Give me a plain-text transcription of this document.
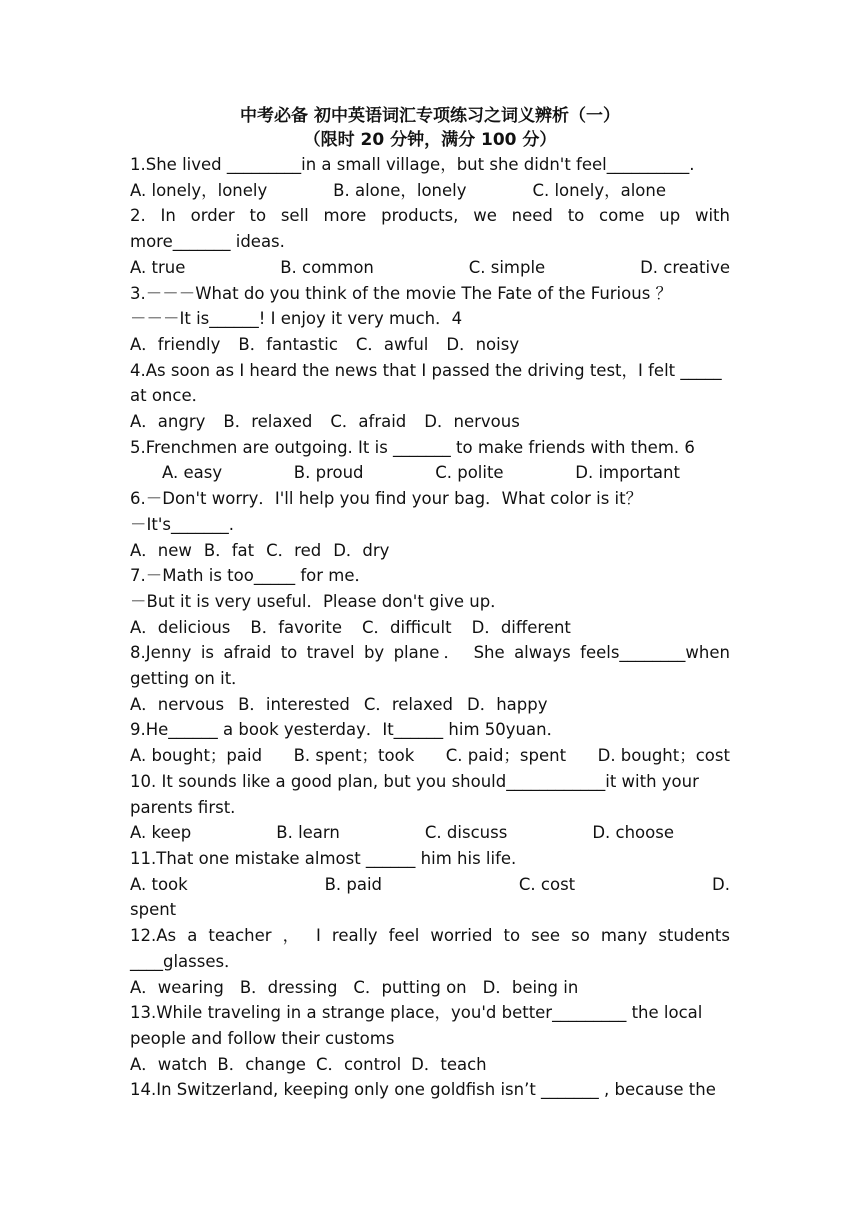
中考必备 初中英语词汇专项练习之词义辨析（一）

（限时 20 分钟，满分 100 分）

1.She lived _________in a small village，but she didn't feel__________.

A. lonely，lonely	B. alone，lonely	C. lonely，alone

2. In order to sell more products, we need to come up with

more_______ ideas.

A. true	B. common	C. simple	D. creative

3.－－－What do you think of the movie The Fate of the Furious ？

－－－It is______! I enjoy it very much．4

A．friendly B．fantastic C．awful D．noisy

4.As soon as I heard the news that I passed the driving test，I felt _____

at once．

A．angry B．relaxed C．afraid D．nervous

5.Frenchmen are outgoing. It is _______ to make friends with them. 6

A. easy	B. proud	C. polite	D. important

6.－Don't worry．I'll help you find your bag．What color is it？

－It's_______.

A．new B．fat C．red D．dry

7.－Math is too_____ for me．

－But it is very useful．Please don't give up．

A．delicious B．favorite C．difficult D．different

8.Jenny is afraid to travel by plane． She always feels________when

getting on it．

A．nervous B．interested C．relaxed D．happy

9.He______ a book yesterday．It______ him 50yuan．

A. bought；paid B. spent；took C. paid；spent D. bought；cost

10. It sounds like a good plan, but you should____________it with your

parents first.

A. keep	B. learn	C. discuss	D. choose

11.That one mistake almost ______ him his life.

A. took	B. paid	C. cost	D.

spent

12.As a teacher ， I really feel worried to see so many students

____glasses．

A．wearing B．dressing C．putting on D．being in

13.While traveling in a strange place，you'd better_________ the local

people and follow their customs

A．watch B．change C．control D．teach

14.In Switzerland, keeping only one goldfish isn’t _______ , because the
